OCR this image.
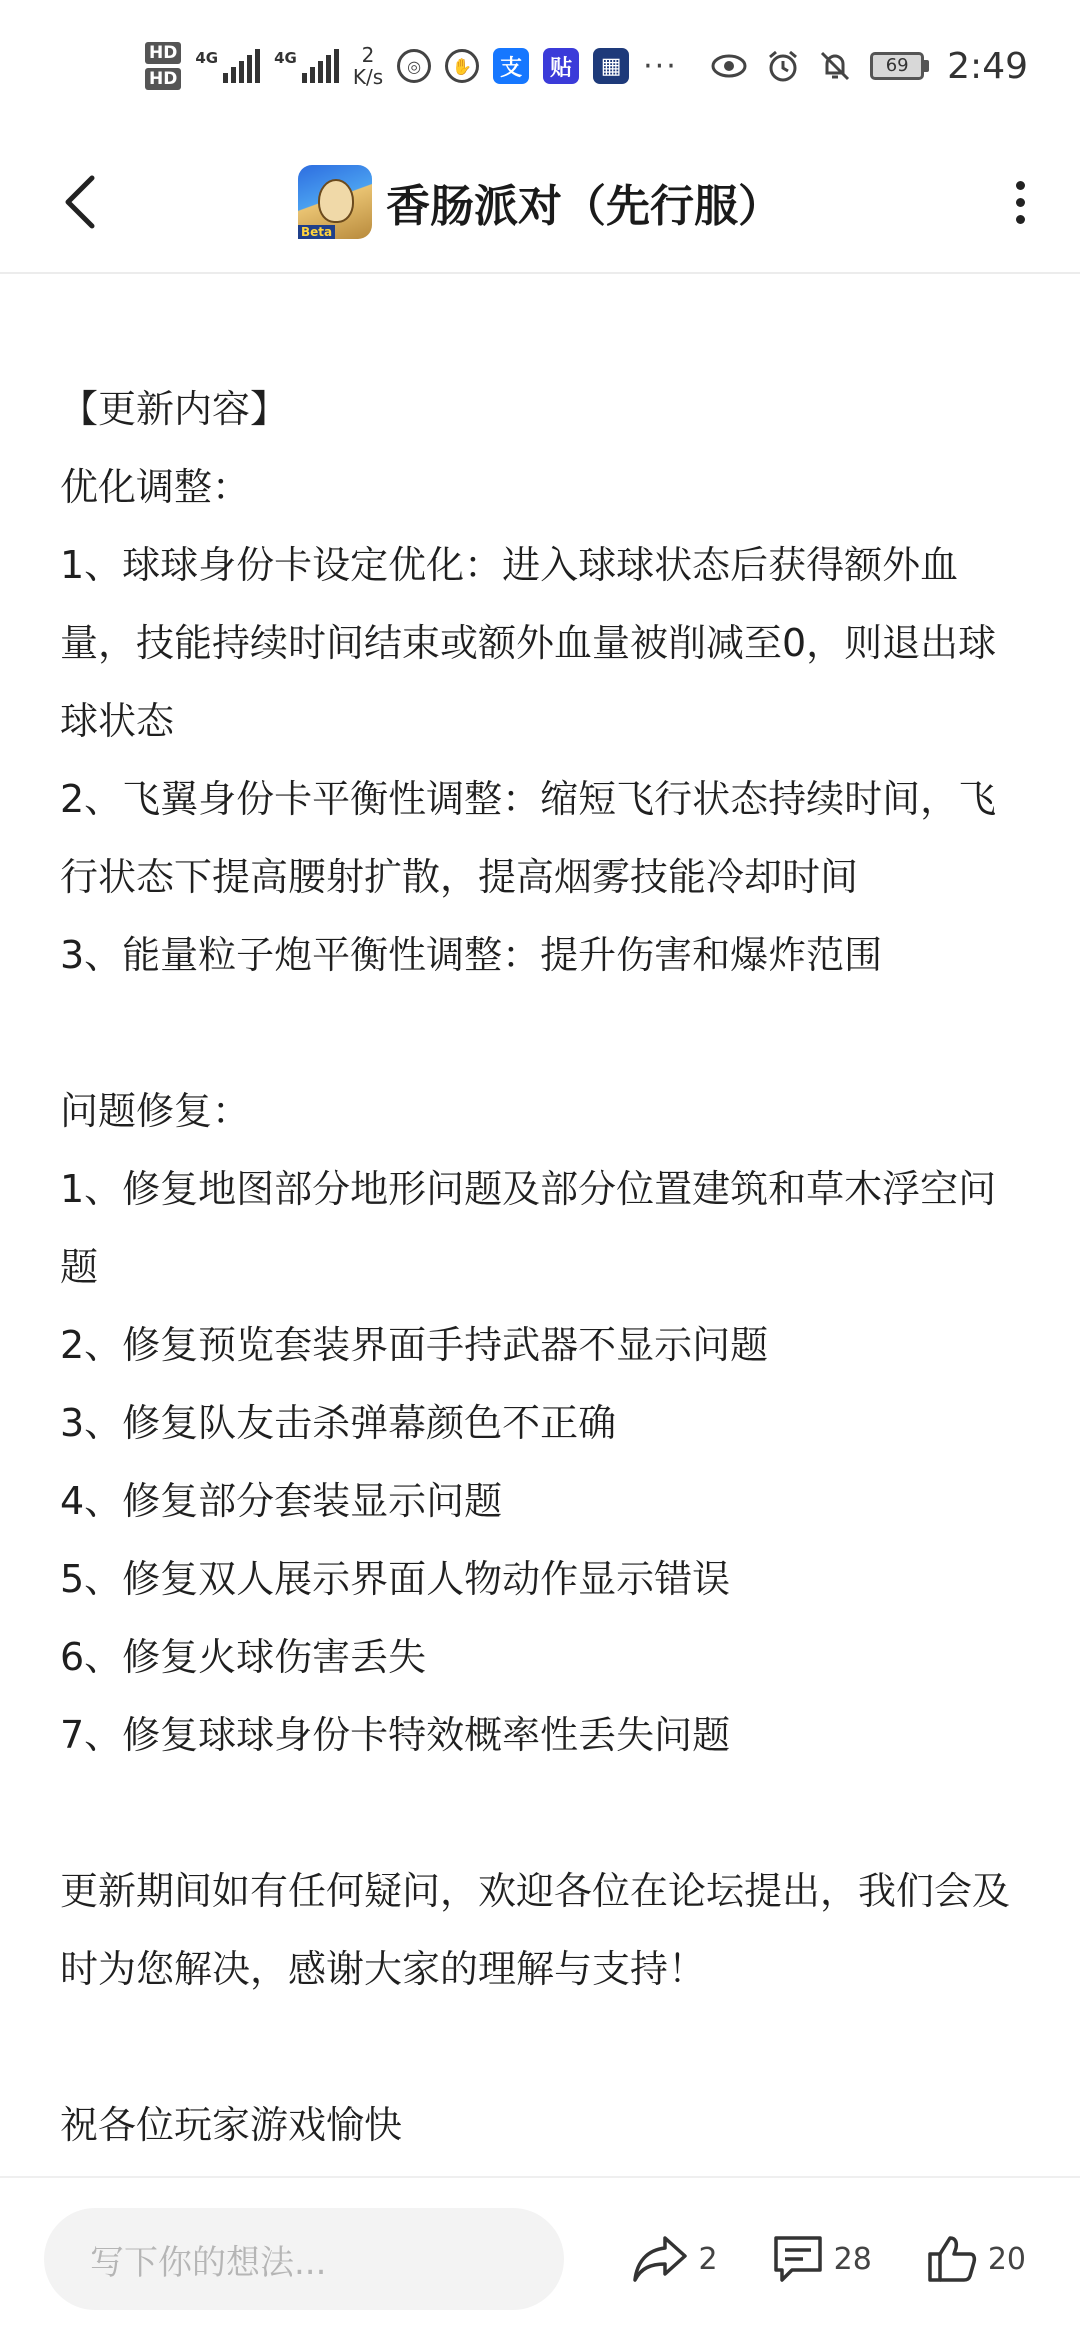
HD
HD
4G	4G	2
K/s	◎	✋	支	贴	▦ ···	69	2:49
Beta 香肠派对（先行服）

【更新内容】

优化调整：

1、球球身份卡设定优化：进入球球状态后获得额外血量，技能持续时间结束或额外血量被削减至0，则退出球球状态

2、飞翼身份卡平衡性调整：缩短飞行状态持续时间，飞行状态下提高腰射扩散，提高烟雾技能冷却时间

3、能量粒子炮平衡性调整：提升伤害和爆炸范围

问题修复：

1、修复地图部分地形问题及部分位置建筑和草木浮空问题

2、修复预览套装界面手持武器不显示问题

3、修复队友击杀弹幕颜色不正确

4、修复部分套装显示问题

5、修复双人展示界面人物动作显示错误

6、修复火球伤害丢失

7、修复球球身份卡特效概率性丢失问题

更新期间如有任何疑问，欢迎各位在论坛提出，我们会及时为您解决，感谢大家的理解与支持！

祝各位玩家游戏愉快

写下你的想法...	2	28	20
